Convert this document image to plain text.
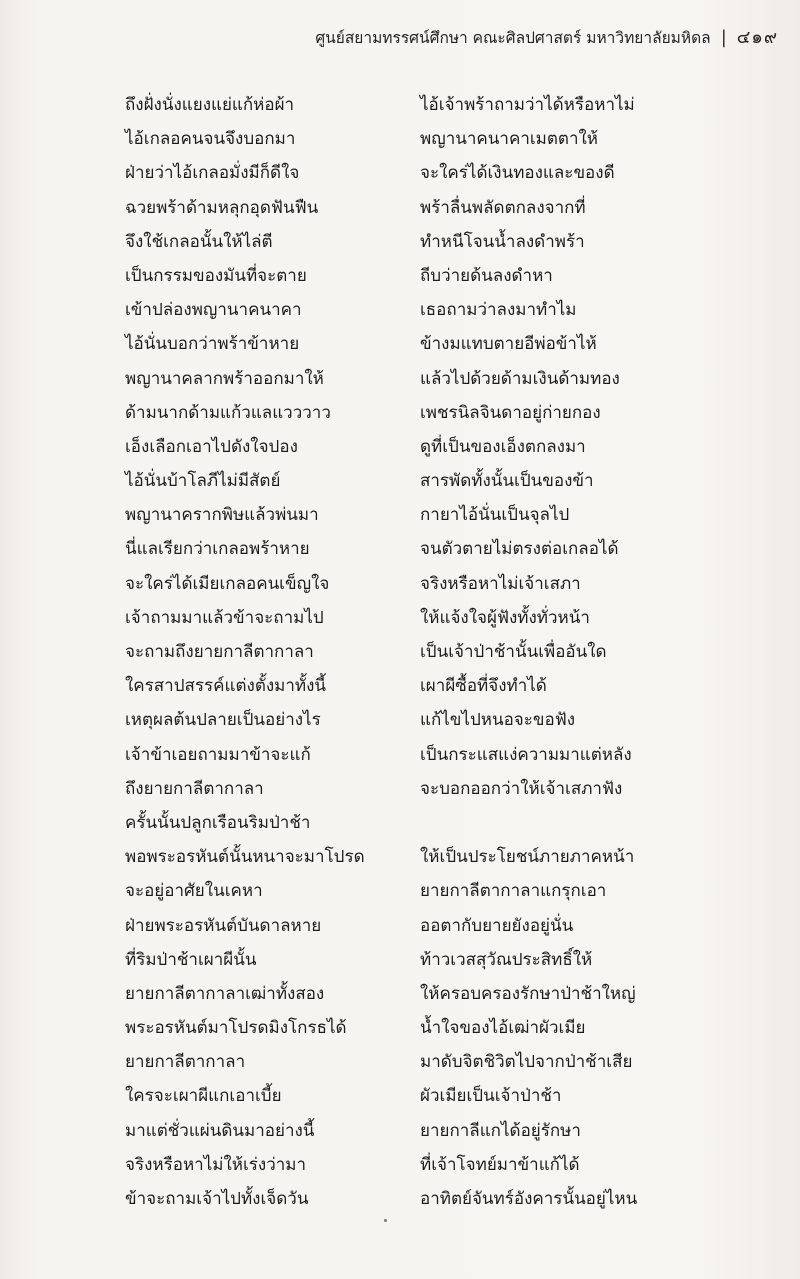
ศูนย์สยามทรรศน์ศึกษา คณะศิลปศาสตร์ มหาวิทยาลัยมหิดล | ๔๑๙
ถึงฝั่งนั่งแยงแย่แก้ห่อผ้า	ไอ้เจ้าพร้าถามว่าได้หรือหาไม่
ไอ้เกลอคนจนจึงบอกมา	พญานาคนาคาเมตตาให้
ฝ่ายว่าไอ้เกลอมั่งมีก็ดีใจ	จะใคร่ได้เงินทองและของดี
ฉวยพร้าด้ามหลุกอุดฟันฟืน	พร้าลื่นพลัดตกลงจากที่
จึงใช้เกลอนั้นให้ไล่ตี	ทำหนีโจนน้ำลงดำพร้า
เป็นกรรมของมันที่จะตาย	ถีบว่ายด้นลงดำหา
เข้าปล่องพญานาคนาคา	เธอถามว่าลงมาทำไม
ไอ้นั่นบอกว่าพร้าข้าหาย	ข้างมแทบตายอีพ่อข้าไห้
พญานาคลากพร้าออกมาให้	แล้วไปด้วยด้ามเงินด้ามทอง
ด้ามนากด้ามแก้วแลแวววาว	เพชรนิลจินดาอยู่ก่ายกอง
เอ็งเลือกเอาไปดังใจปอง	ดูที่เป็นของเอ็งตกลงมา
ไอ้นั่นบ้าโลภีไม่มีสัตย์	สารพัดทั้งนั้นเป็นของข้า
พญานาครากพิษแล้วพ่นมา	กายาไอ้นั่นเป็นจุลไป
นี่แลเรียกว่าเกลอพร้าหาย	จนตัวตายไม่ตรงต่อเกลอได้
จะใคร่ได้เมียเกลอคนเข็ญใจ	จริงหรือหาไม่เจ้าเสภา
เจ้าถามมาแล้วข้าจะถามไป	ให้แจ้งใจผู้ฟังทั้งทั่วหน้า
จะถามถึงยายกาลีตากาลา	เป็นเจ้าป่าช้านั้นเพื่ออันใด
ใครสาปสรรค์แต่งตั้งมาทั้งนี้	เผาผีซื้อที่จึงทำได้
เหตุผลต้นปลายเป็นอย่างไร	แก้ไขไปหนอจะขอฟัง
เจ้าข้าเอยถามมาข้าจะแก้	เป็นกระแสแง่ความมาแต่หลัง
ถึงยายกาลีตากาลา	จะบอกออกว่าให้เจ้าเสภาฟัง
ครั้นนั้นปลูกเรือนริมป่าช้า
พอพระอรหันต์นั้นหนาจะมาโปรด	ให้เป็นประโยชน์ภายภาคหน้า
จะอยู่อาศัยในเคหา	ยายกาลีตากาลาแกรุกเอา
ฝ่ายพระอรหันต์บันดาลหาย	ออตากับยายยังอยู่นั่น
ที่ริมป่าช้าเผาผีนั้น	ท้าวเวสสุวัณประสิทธิ์ให้
ยายกาลีตากาลาเฒ่าทั้งสอง	ให้ครอบครองรักษาป่าช้าใหญ่
พระอรหันต์มาโปรดมิงโกรธได้	น้ำใจของไอ้เฒ่าผัวเมีย
ยายกาลีตากาลา	มาดับจิตชิวิตไปจากป่าช้าเสีย
ใครจะเผาผีแกเอาเบี้ย	ผัวเมียเป็นเจ้าป่าช้า
มาแต่ชั่วแผ่นดินมาอย่างนี้	ยายกาลีแกได้อยู่รักษา
จริงหรือหาไม่ให้เร่งว่ามา	ที่เจ้าโจทย์มาข้าแก้ได้
ข้าจะถามเจ้าไปทั้งเจ็ดวัน	อาทิตย์จันทร์อังคารนั้นอยู่ไหน
